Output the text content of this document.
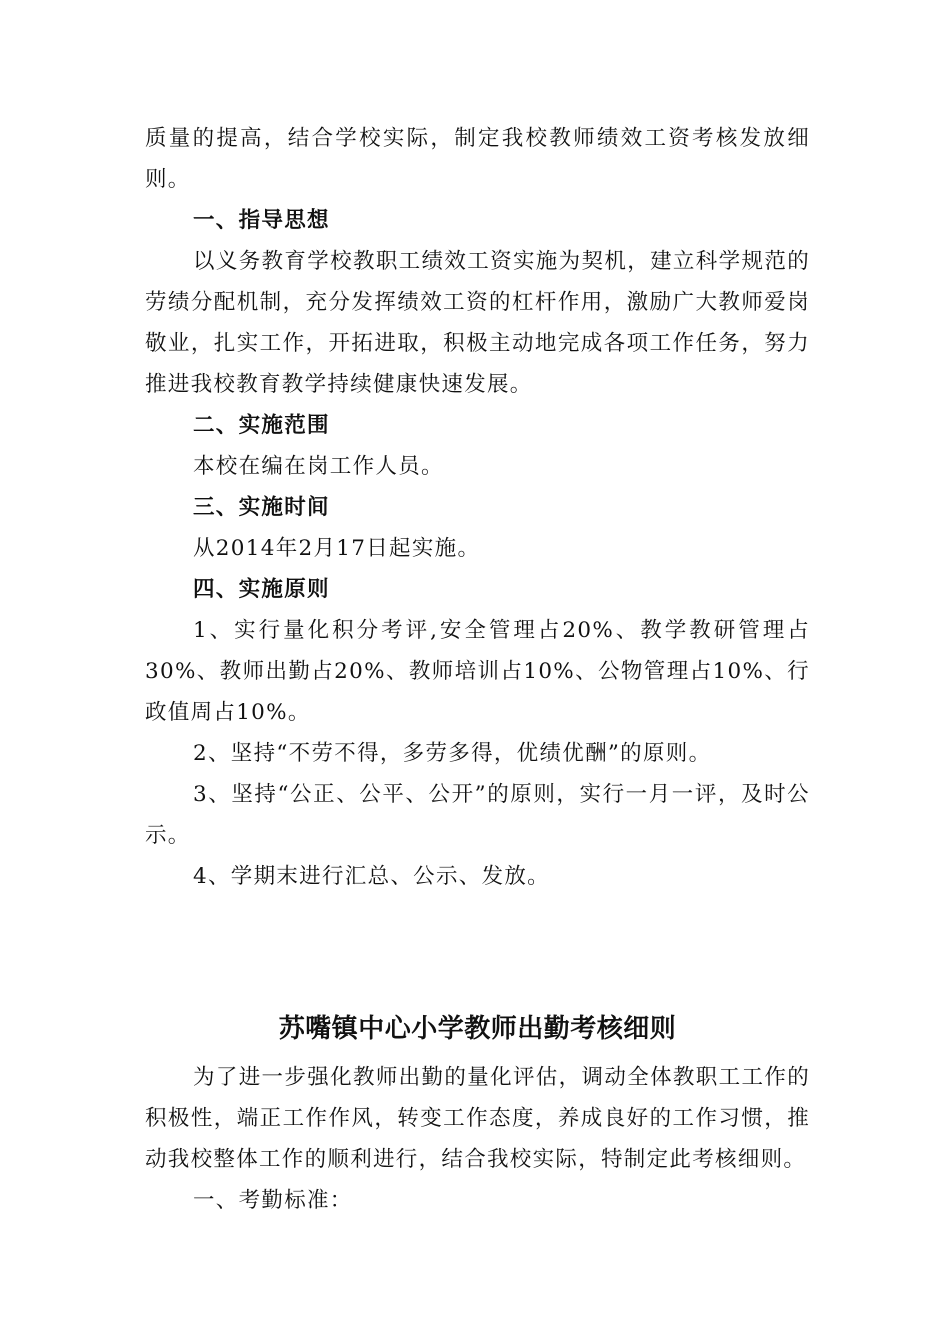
质量的提高，结合学校实际，制定我校教师绩效工资考核发放细则。

一、指导思想

以义务教育学校教职工绩效工资实施为契机，建立科学规范的劳绩分配机制，充分发挥绩效工资的杠杆作用，激励广大教师爱岗敬业，扎实工作，开拓进取，积极主动地完成各项工作任务，努力推进我校教育教学持续健康快速发展。

二、实施范围

本校在编在岗工作人员。

三、实施时间

从2014年2月17日起实施。

四、实施原则

1、实行量化积分考评,安全管理占20%、教学教研管理占30%、教师出勤占20%、教师培训占10%、公物管理占10%、行政值周占10%。

2、坚持“不劳不得，多劳多得，优绩优酬”的原则。

3、坚持“公正、公平、公开”的原则，实行一月一评，及时公示。

4、学期末进行汇总、公示、发放。

苏嘴镇中心小学教师出勤考核细则

为了进一步强化教师出勤的量化评估，调动全体教职工工作的积极性，端正工作作风，转变工作态度，养成良好的工作习惯，推动我校整体工作的顺利进行，结合我校实际，特制定此考核细则。

一、考勤标准：
